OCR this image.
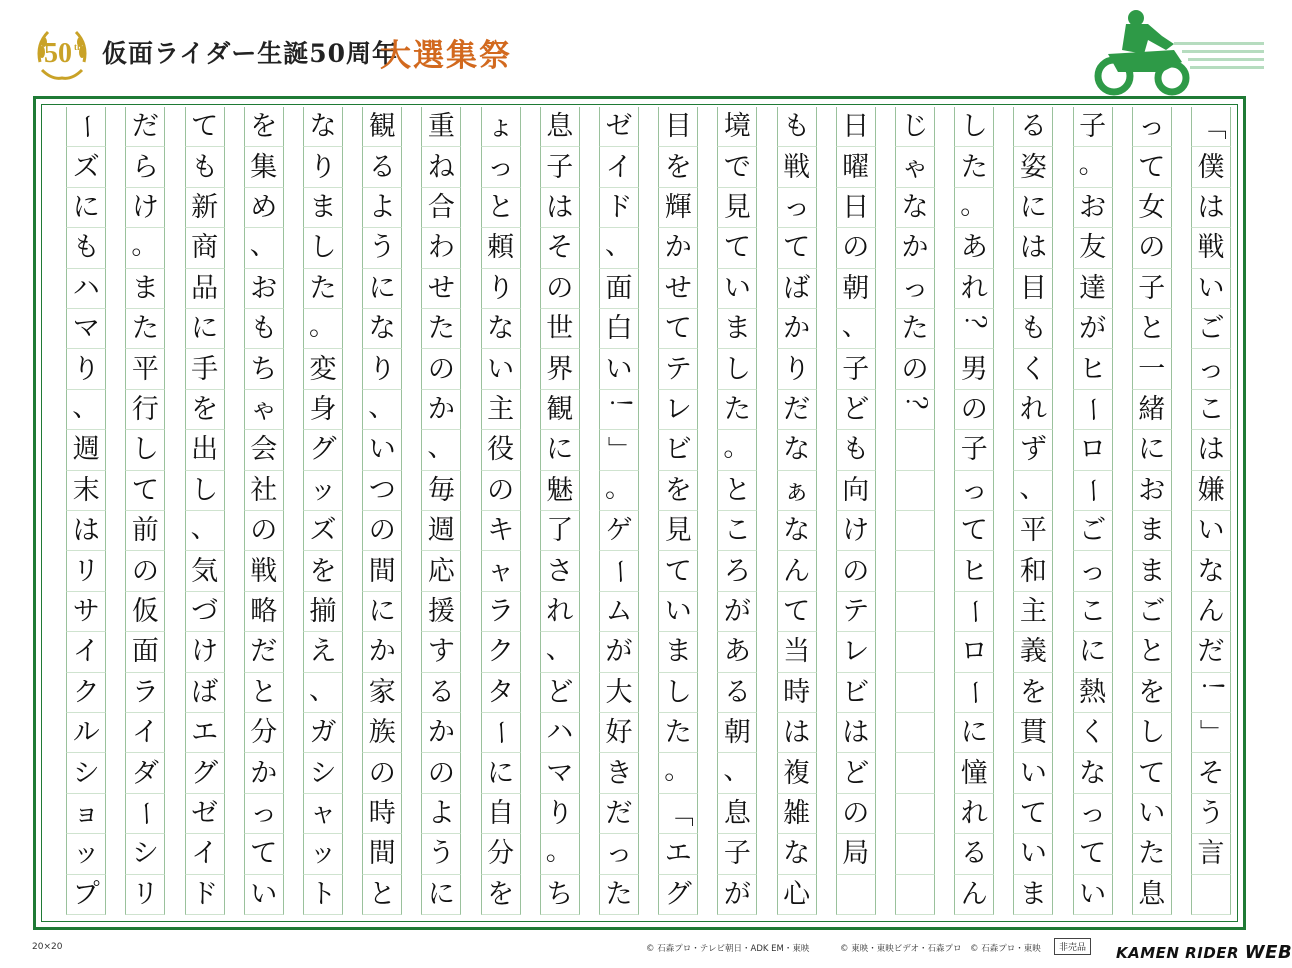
50 th 仮面ライダー生誕50周年
大選集祭
「
僕
は
戦
い
ご
っ
こ
は
嫌
い
な
ん
だ
！
」
そ
う
言
っ
て
女
の
子
と
一
緒
に
お
ま
ま
ご
と
を
し
て
い
た
息
子
。
お
友
達
が
ヒ
ー
ロ
ー
ご
っ
こ
に
熱
く
な
っ
て
い
る
姿
に
は
目
も
く
れ
ず
、
平
和
主
義
を
貫
い
て
い
ま
し
た
。
あ
れ
？
男
の
子
っ
て
ヒ
ー
ロ
ー
に
憧
れ
る
ん
じ
ゃ
な
か
っ
た
の
？
日
曜
日
の
朝
、
子
ど
も
向
け
の
テ
レ
ビ
は
ど
の
局
も
戦
っ
て
ば
か
り
だ
な
ぁ
な
ん
て
当
時
は
複
雑
な
心
境
で
見
て
い
ま
し
た
。
と
こ
ろ
が
あ
る
朝
、
息
子
が
目
を
輝
か
せ
て
テ
レ
ビ
を
見
て
い
ま
し
た
。
「
エ
グ
ゼ
イ
ド
、
面
白
い
！
」
。
ゲ
ー
ム
が
大
好
き
だ
っ
た
息
子
は
そ
の
世
界
観
に
魅
了
さ
れ
、
ど
ハ
マ
り
。
ち
ょ
っ
と
頼
り
な
い
主
役
の
キ
ャ
ラ
ク
タ
ー
に
自
分
を
重
ね
合
わ
せ
た
の
か
、
毎
週
応
援
す
る
か
の
よ
う
に
観
る
よ
う
に
な
り
、
い
つ
の
間
に
か
家
族
の
時
間
と
な
り
ま
し
た
。
変
身
グ
ッ
ズ
を
揃
え
、
ガ
シ
ャ
ッ
ト
を
集
め
、
お
も
ち
ゃ
会
社
の
戦
略
だ
と
分
か
っ
て
い
て
も
新
商
品
に
手
を
出
し
、
気
づ
け
ば
エ
グ
ゼ
イ
ド
だ
ら
け
。
ま
た
平
行
し
て
前
の
仮
面
ラ
イ
ダ
ー
シ
リ
ー
ズ
に
も
ハ
マ
り
、
週
末
は
リ
サ
イ
ク
ル
シ
ョ
ッ
プ
20×20	© 石森プロ・テレビ朝日・ADK EM・東映	© 東映・東映ビデオ・石森プロ © 石森プロ・東映	非売品	KAMEN RIDER WEB
